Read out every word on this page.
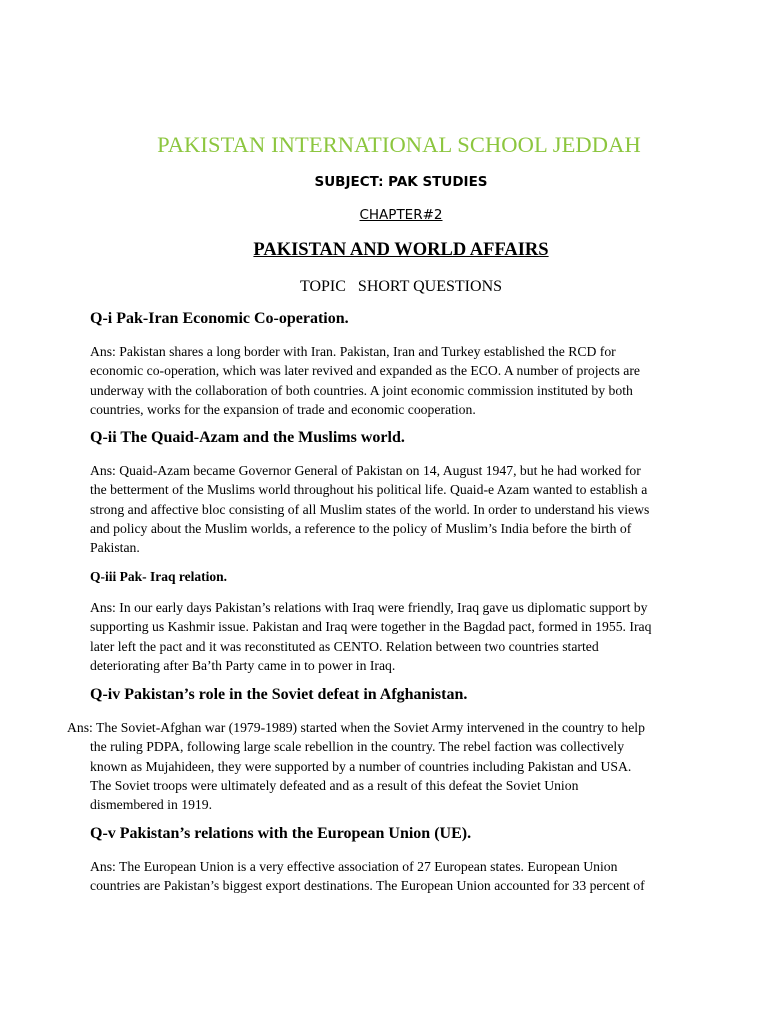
PAKISTAN INTERNATIONAL SCHOOL JEDDAH
SUBJECT: PAK STUDIES
CHAPTER#2
PAKISTAN AND WORLD AFFAIRS
TOPIC   SHORT QUESTIONS
Q-i Pak-Iran Economic Co-operation.
Ans: Pakistan shares a long border with Iran. Pakistan, Iran and Turkey established the RCD for
economic co-operation, which was later revived and expanded as the ECO. A number of projects are
underway with the collaboration of both countries. A joint economic commission instituted by both
countries, works for the expansion of trade and economic cooperation.
Q-ii The Quaid-Azam and the Muslims world.
Ans: Quaid-Azam became Governor General of Pakistan on 14, August 1947, but he had worked for
the betterment of the Muslims world throughout his political life. Quaid-e Azam wanted to establish a
strong and affective bloc consisting of all Muslim states of the world. In order to understand his views
and policy about the Muslim worlds, a reference to the policy of Muslim’s India before the birth of
Pakistan.
Q-iii Pak- Iraq relation.
Ans: In our early days Pakistan’s relations with Iraq were friendly, Iraq gave us diplomatic support by
supporting us Kashmir issue. Pakistan and Iraq were together in the Bagdad pact, formed in 1955. Iraq
later left the pact and it was reconstituted as CENTO. Relation between two countries started
deteriorating after Ba’th Party came in to power in Iraq.
Q-iv Pakistan’s role in the Soviet defeat in Afghanistan.
Ans: The Soviet-Afghan war (1979-1989) started when the Soviet Army intervened in the country to help
the ruling PDPA, following large scale rebellion in the country. The rebel faction was collectively
known as Mujahideen, they were supported by a number of countries including Pakistan and USA.
The Soviet troops were ultimately defeated and as a result of this defeat the Soviet Union
dismembered in 1919.
Q-v Pakistan’s relations with the European Union (UE).
Ans: The European Union is a very effective association of 27 European states. European Union
countries are Pakistan’s biggest export destinations. The European Union accounted for 33 percent of
